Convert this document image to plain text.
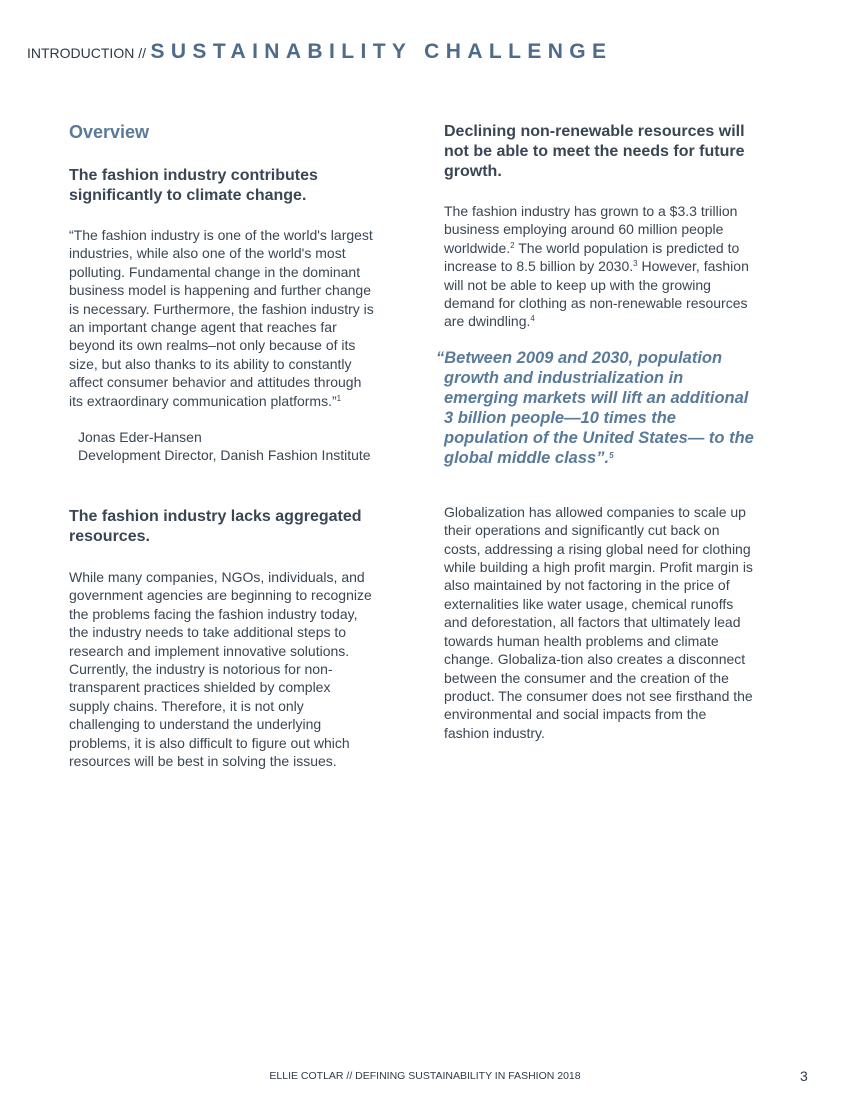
INTRODUCTION // SUSTAINABILITY CHALLENGE
Overview
The fashion industry contributes significantly to climate change.

“The fashion industry is one of the world's largest industries, while also one of the world's most polluting. Fundamental change in the dominant business model is happening and further change is necessary. Furthermore, the fashion industry is an important change agent that reaches far beyond its own realms–not only because of its size, but also thanks to its ability to constantly affect consumer behavior and attitudes through its extraordinary communication platforms.”$^1$

Jonas Eder-Hansen

Development Director, Danish Fashion Institute

The fashion industry lacks aggregated resources.

While many companies, NGOs, individuals, and government agencies are beginning to recognize the problems facing the fashion industry today, the industry needs to take additional steps to research and implement innovative solutions. Currently, the industry is notorious for non-transparent practices shielded by complex supply chains. Therefore, it is not only challenging to understand the underlying problems, it is also difficult to figure out which resources will be best in solving the issues.

Declining non-renewable resources will not be able to meet the needs for future growth.

The fashion industry has grown to a $3.3 trillion business employing around 60 million people worldwide.$^2$ The world population is predicted to increase to 8.5 billion by 2030.$^3$ However, fashion will not be able to keep up with the growing demand for clothing as non-renewable resources are dwindling.$^4$

“Between 2009 and 2030, population growth and industrialization in emerging markets will lift an additional 3 billion people—10 times the population of the United States— to the global middle class”.$^5$

Globalization has allowed companies to scale up their operations and significantly cut back on costs, addressing a rising global need for clothing while building a high profit margin. Profit margin is also maintained by not factoring in the price of externalities like water usage, chemical runoffs and deforestation, all factors that ultimately lead towards human health problems and climate change. Globaliza-tion also creates a disconnect between the consumer and the creation of the product. The consumer does not see firsthand the environmental and social impacts from the fashion industry.

ELLIE COTLAR // DEFINING SUSTAINABILITY IN FASHION 2018	3
